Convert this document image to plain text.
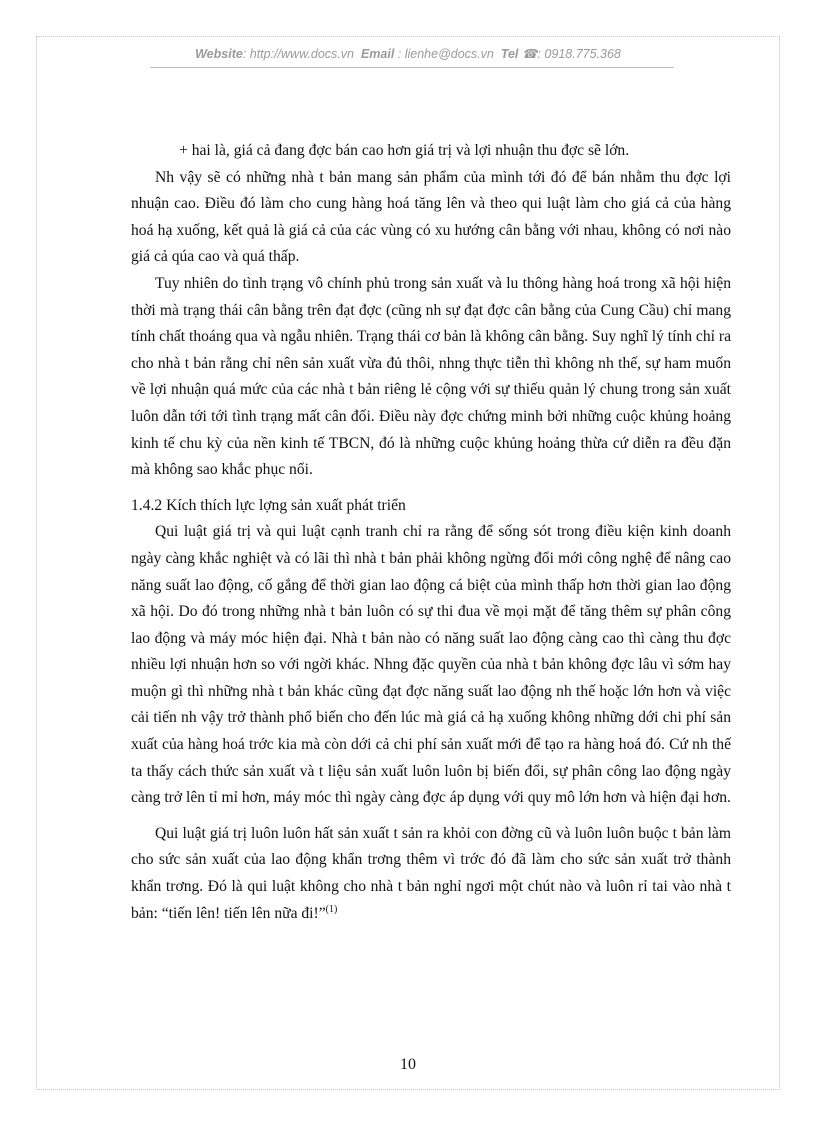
Website: http://www.docs.vn Email : lienhe@docs.vn Tel ☎: 0918.775.368

+ hai là, giá cả đang đợc bán cao hơn giá trị và lợi nhuận thu đợc sẽ lớn.

Nh vậy sẽ có những nhà t bản mang sản phẩm của mình tới đó để bán nhằm thu đợc lợi nhuận cao. Điều đó làm cho cung hàng hoá tăng lên và theo qui luật làm cho giá cả của hàng hoá hạ xuống, kết quả là giá cả của các vùng có xu hướng cân bằng với nhau, không có nơi nào giá cả qúa cao và quá thấp.

Tuy nhiên do tình trạng vô chính phủ trong sản xuất và lu thông hàng hoá trong xã hội hiện thời mà trạng thái cân bằng trên đạt đợc (cũng nh sự đạt đợc cân bằng của Cung Cầu) chỉ mang tính chất thoáng qua và ngẫu nhiên. Trạng thái cơ bản là không cân bằng. Suy nghĩ lý tính chỉ ra cho nhà t bản rằng chỉ nên sản xuất vừa đủ thôi, nhng thực tiễn thì không nh thế, sự ham muốn về lợi nhuận quá mức của các nhà t bản riêng lẻ cộng với sự thiếu quản lý chung trong sản xuất luôn dẫn tới tới tình trạng mất cân đối. Điều này đợc chứng minh bởi những cuộc khủng hoảng kinh tế chu kỳ của nền kinh tế TBCN, đó là những cuộc khủng hoảng thừa cứ diễn ra đều đặn mà không sao khắc phục nổi.

1.4.2 Kích thích lực lợng sản xuất phát triển

Qui luật giá trị và qui luật cạnh tranh chỉ ra rằng để sống sót trong điều kiện kinh doanh ngày càng khắc nghiệt và có lãi thì nhà t bản phải không ngừng đổi mới công nghệ để nâng cao năng suất lao động, cố gắng để thời gian lao động cá biệt của mình thấp hơn thời gian lao động xã hội. Do đó trong những nhà t bản luôn có sự thi đua về mọi mặt để tăng thêm sự phân công lao động và máy móc hiện đại. Nhà t bản nào có năng suất lao động càng cao thì càng thu đợc nhiều lợi nhuận hơn so với ngời khác. Nhng đặc quyền của nhà t bản không đợc lâu vì sớm hay muộn gì thì những nhà t bản khác cũng đạt đợc năng suất lao động nh thế hoặc lớn hơn và việc cải tiến nh vậy trở thành phổ biến cho đến lúc mà giá cả hạ xuống không những dới chi phí sản xuất của hàng hoá trớc kia mà còn dới cả chi phí sản xuất mới để tạo ra hàng hoá đó. Cứ nh thế ta thấy cách thức sản xuất và t liệu sản xuất luôn luôn bị biến đổi, sự phân công lao động ngày càng trở lên tỉ mỉ hơn, máy móc thì ngày càng đợc áp dụng với quy mô lớn hơn và hiện đại hơn.

Qui luật giá trị luôn luôn hất sản xuất t sản ra khỏi con đờng cũ và luôn luôn buộc t bản làm cho sức sản xuất của lao động khẩn trơng thêm vì trớc đó đã làm cho sức sản xuất trở thành khẩn trơng. Đó là qui luật không cho nhà t bản nghỉ ngơi một chút nào và luôn rỉ tai vào nhà t bản: “tiến lên! tiến lên nữa đi!”$^{(1)}$

10
